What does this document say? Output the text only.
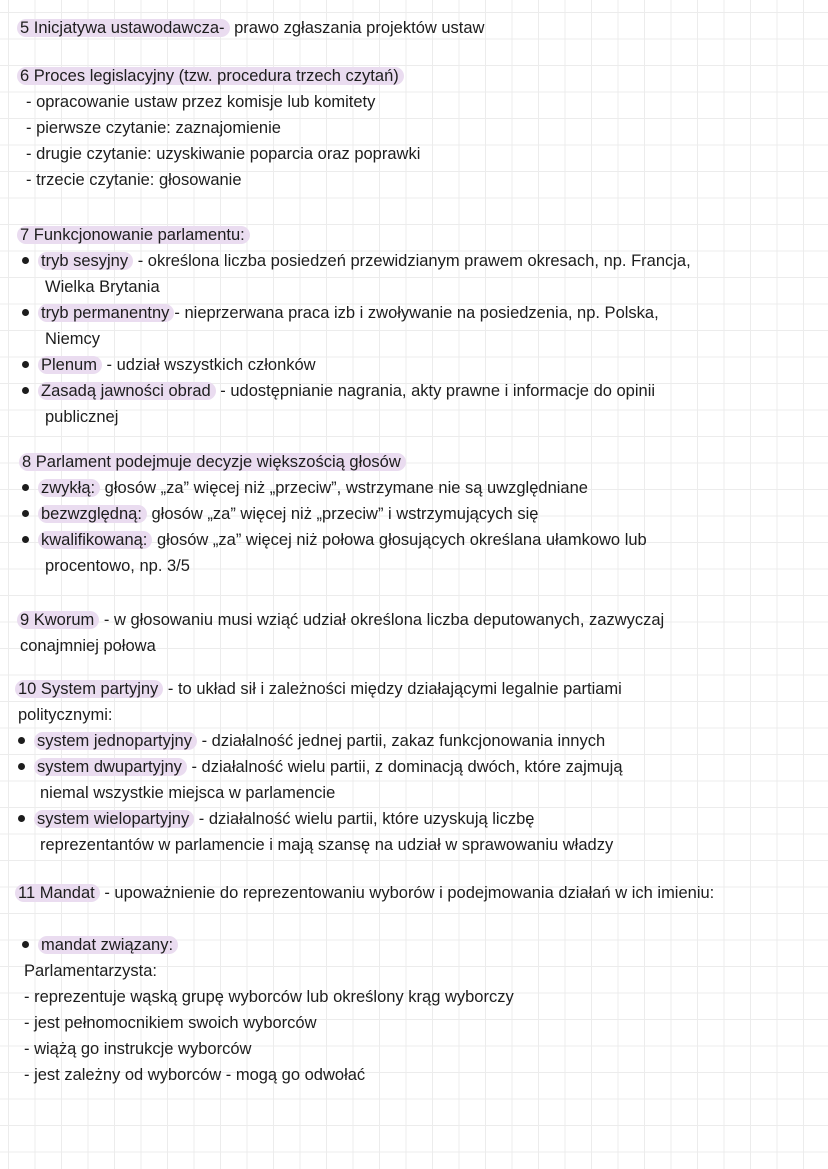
5 Inicjatywa ustawodawcza- prawo zgłaszania projektów ustaw
6 Proces legislacyjny (tzw. procedura trzech czytań)
- opracowanie ustaw przez komisje lub komitety
- pierwsze czytanie: zaznajomienie
- drugie czytanie: uzyskiwanie poparcia oraz poprawki
- trzecie czytanie: głosowanie
7 Funkcjonowanie parlamentu:
tryb sesyjny - określona liczba posiedzeń przewidzianym prawem okresach, np. Francja,
Wielka Brytania
tryb permanentny - nieprzerwana praca izb i zwoływanie na posiedzenia, np. Polska,
Niemcy
Plenum - udział wszystkich członków
Zasadą jawności obrad - udostępnianie nagrania, akty prawne i informacje do opinii
publicznej
8 Parlament podejmuje decyzje większością głosów
zwykłą: głosów „za” więcej niż „przeciw”, wstrzymane nie są uwzględniane
bezwzględną: głosów „za” więcej niż „przeciw” i wstrzymujących się
kwalifikowaną: głosów „za” więcej niż połowa głosujących określana ułamkowo lub
procentowo, np. 3/5
9 Kworum - w głosowaniu musi wziąć udział określona liczba deputowanych, zazwyczaj
conajmniej połowa
10 System partyjny - to układ sił i zależności między działającymi legalnie partiami
politycznymi:
system jednopartyjny - działalność jednej partii, zakaz funkcjonowania innych
system dwupartyjny - działalność wielu partii, z dominacją dwóch, które zajmują
niemal wszystkie miejsca w parlamencie
system wielopartyjny - działalność wielu partii, które uzyskują liczbę
reprezentantów w parlamencie i mają szansę na udział w sprawowaniu władzy
11 Mandat - upoważnienie do reprezentowaniu wyborów i podejmowania działań w ich imieniu:
mandat związany:
Parlamentarzysta:
- reprezentuje wąską grupę wyborców lub określony krąg wyborczy
- jest pełnomocnikiem swoich wyborców
- wiążą go instrukcje wyborców
- jest zależny od wyborców - mogą go odwołać
